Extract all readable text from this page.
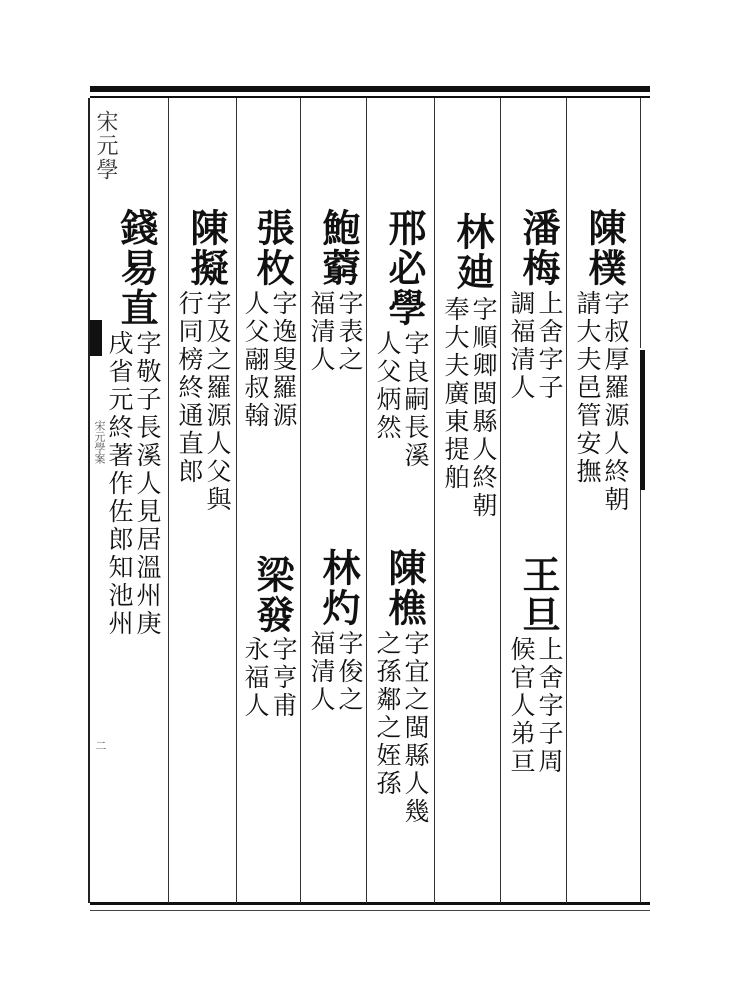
宋元學
宋元學案
二
陳樸
字叔厚羅源人終朝
請大夫邑管安撫
潘梅
上舍字子
調福清人
王旦
上舍字子周
候官人弟亘
林廸
字順卿閩縣人終朝
奉大夫廣東提舶
邢必學
字良嗣長溪
人父炳然
陳樵
字宜之閩縣人幾
之孫鄰之姪孫
鮑藭
字表之
福清人
林灼
字俊之
福清人
張枚
字逸叟羅源
人父翮叔翰
梁發
字亨甫
永福人
陳擬
字及之羅源人父與
行同榜終通直郎
錢易直
字敬子長溪人見居溫州庚
戌省元終著作佐郎知池州
